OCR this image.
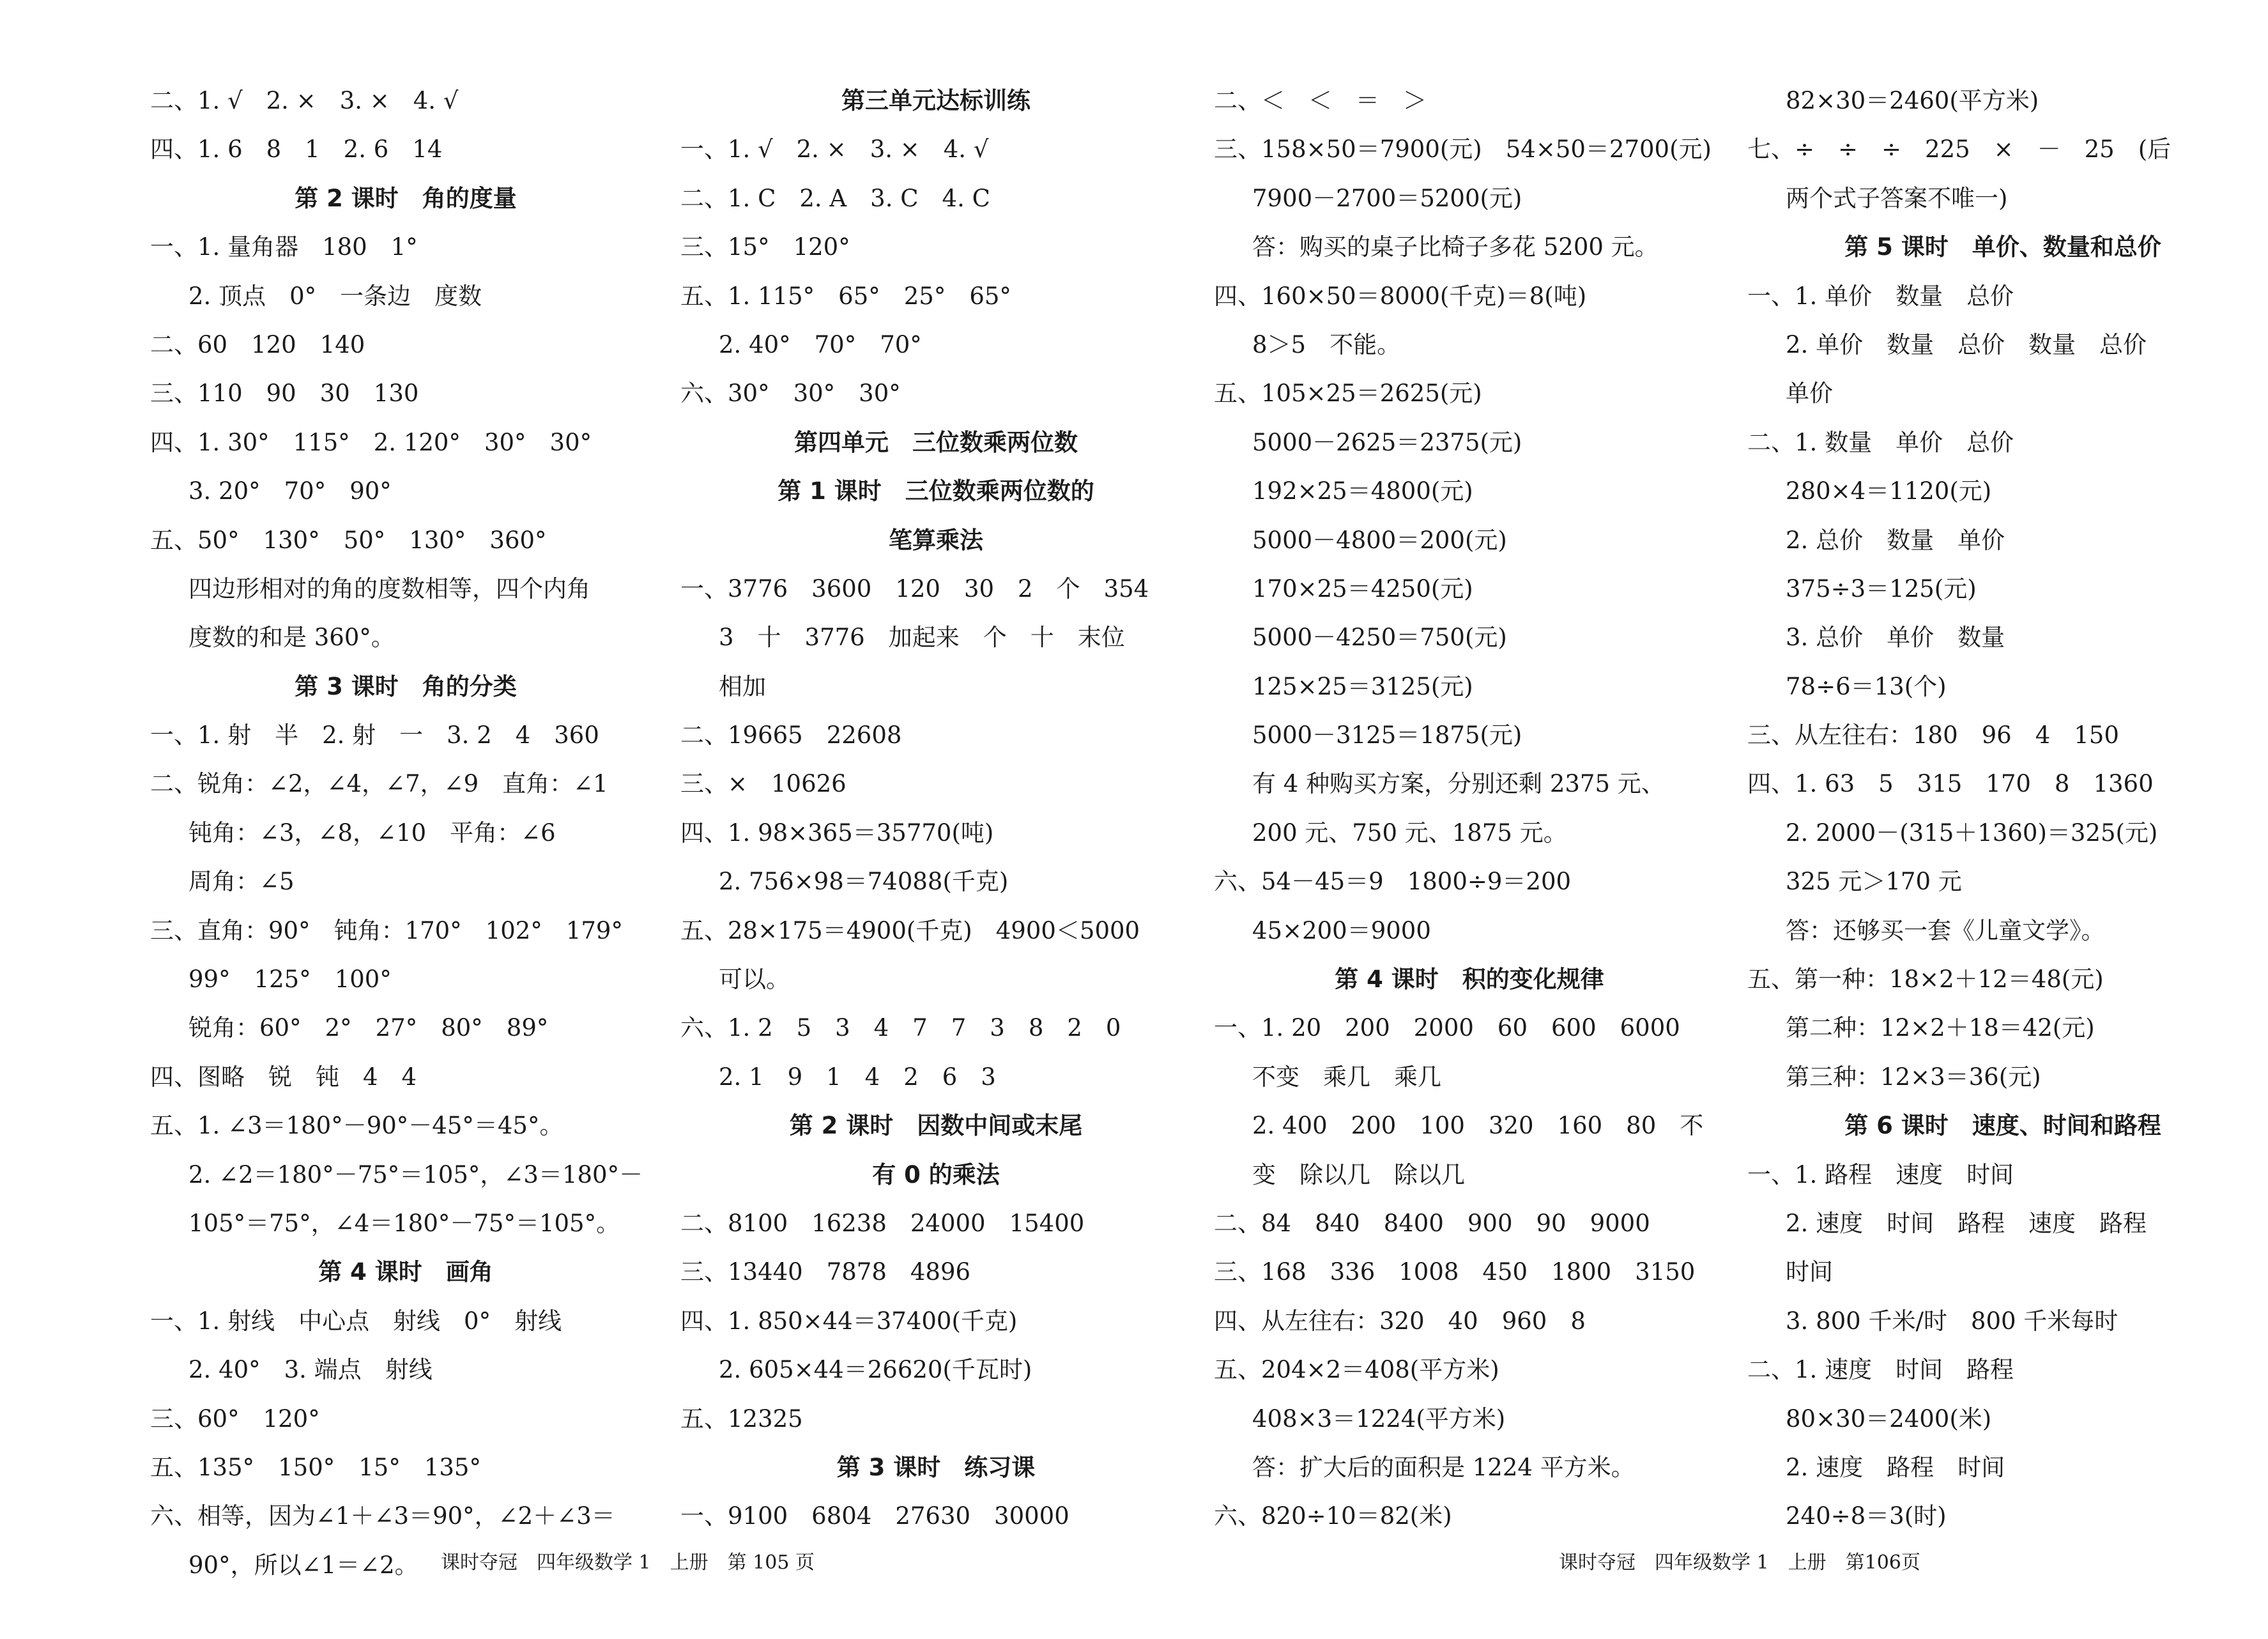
二、1. √　2. ×　3. ×　4. √
四、1. 6　8　1　2. 6　14
第 2 课时　角的度量
一、1. 量角器　180　1°
2. 顶点　0°　一条边　度数
二、60　120　140
三、110　90　30　130
四、1. 30°　115°　2. 120°　30°　30°
3. 20°　70°　90°
五、50°　130°　50°　130°　360°
四边形相对的角的度数相等，四个内角
度数的和是 360°。
第 3 课时　角的分类
一、1. 射　半　2. 射　一　3. 2　4　360
二、锐角：∠2，∠4，∠7，∠9　直角：∠1
钝角：∠3，∠8，∠10　平角：∠6
周角：∠5
三、直角：90°　钝角：170°　102°　179°
99°　125°　100°
锐角：60°　2°　27°　80°　89°
四、图略　锐　钝　4　4
五、1. ∠3＝180°－90°－45°＝45°。
2. ∠2＝180°－75°＝105°，∠3＝180°－
105°＝75°，∠4＝180°－75°＝105°。
第 4 课时　画角
一、1. 射线　中心点　射线　0°　射线
2. 40°　3. 端点　射线
三、60°　120°
五、135°　150°　15°　135°
六、相等，因为∠1＋∠3＝90°，∠2＋∠3＝
90°，所以∠1＝∠2。
第三单元达标训练
一、1. √　2. ×　3. ×　4. √
二、1. C　2. A　3. C　4. C
三、15°　120°
五、1. 115°　65°　25°　65°
2. 40°　70°　70°
六、30°　30°　30°
第四单元　三位数乘两位数
第 1 课时　三位数乘两位数的
笔算乘法
一、3776　3600　120　30　2　个　354
3　十　3776　加起来　个　十　末位
相加
二、19665　22608
三、×　10626
四、1. 98×365＝35770(吨)
2. 756×98＝74088(千克)
五、28×175＝4900(千克)　4900＜5000
可以。
六、1. 2　5　3　4　7　7　3　8　2　0
2. 1　9　1　4　2　6　3
第 2 课时　因数中间或末尾
有 0 的乘法
二、8100　16238　24000　15400
三、13440　7878　4896
四、1. 850×44＝37400(千克)
2. 605×44＝26620(千瓦时)
五、12325
第 3 课时　练习课
一、9100　6804　27630　30000
二、＜　＜　＝　＞
三、158×50＝7900(元)　54×50＝2700(元)
7900－2700＝5200(元)
答：购买的桌子比椅子多花 5200 元。
四、160×50＝8000(千克)＝8(吨)
8＞5　不能。
五、105×25＝2625(元)
5000－2625＝2375(元)
192×25＝4800(元)
5000－4800＝200(元)
170×25＝4250(元)
5000－4250＝750(元)
125×25＝3125(元)
5000－3125＝1875(元)
有 4 种购买方案，分别还剩 2375 元、
200 元、750 元、1875 元。
六、54－45＝9　1800÷9＝200
45×200＝9000
第 4 课时　积的变化规律
一、1. 20　200　2000　60　600　6000
不变　乘几　乘几
2. 400　200　100　320　160　80　不
变　除以几　除以几
二、84　840　8400　900　90　9000
三、168　336　1008　450　1800　3150
四、从左往右：320　40　960　8
五、204×2＝408(平方米)
408×3＝1224(平方米)
答：扩大后的面积是 1224 平方米。
六、820÷10＝82(米)
82×30＝2460(平方米)
七、÷　÷　÷　225　×　－　25　(后
两个式子答案不唯一)
第 5 课时　单价、数量和总价
一、1. 单价　数量　总价
2. 单价　数量　总价　数量　总价
单价
二、1. 数量　单价　总价
280×4＝1120(元)
2. 总价　数量　单价
375÷3＝125(元)
3. 总价　单价　数量
78÷6＝13(个)
三、从左往右：180　96　4　150
四、1. 63　5　315　170　8　1360
2. 2000－(315＋1360)＝325(元)
325 元＞170 元
答：还够买一套《儿童文学》。
五、第一种：18×2＋12＝48(元)
第二种：12×2＋18＝42(元)
第三种：12×3＝36(元)
第 6 课时　速度、时间和路程
一、1. 路程　速度　时间
2. 速度　时间　路程　速度　路程
时间
3. 800 千米/时　800 千米每时
二、1. 速度　时间　路程
80×30＝2400(米)
2. 速度　路程　时间
240÷8＝3(时)
课时夺冠　四年级数学 1　上册　第 105 页	课时夺冠　四年级数学 1　上册　第106页
